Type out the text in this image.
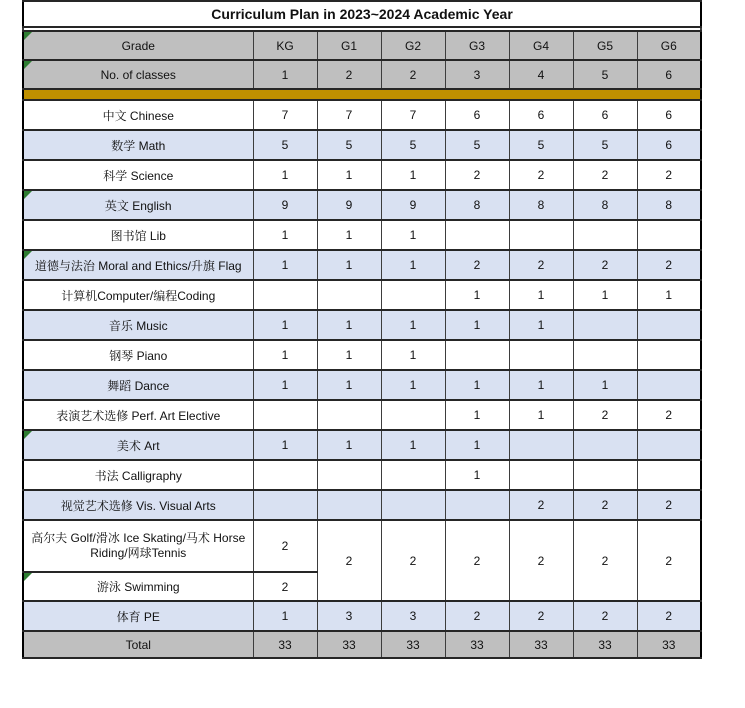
Curriculum Plan in 2023~2024 Academic Year							

Grade	KG	G1	G2	G3	G4	G5	G6

No. of classes	1	2	2	3	4	5	6

中文 Chinese	7	7	7	6	6	6	6
数学 Math	5	5	5	5	5	5	6
科学 Science	1	1	1	2	2	2	2

英文 English	9	9	9	8	8	8	8
图书馆 Lib	1	1	1				

道德与法治 Moral and Ethics/升旗 Flag	1	1	1	2	2	2	2
计算机Computer/编程Coding				1	1	1	1
音乐 Music	1	1	1	1	1		
钢琴 Piano	1	1	1				
舞蹈 Dance	1	1	1	1	1	1	
表演艺术选修 Perf. Art Elective				1	1	2	2

美术 Art	1	1	1	1			
书法 Calligraphy				1			
视觉艺术选修 Vis. Visual Arts					2	2	2
高尔夫 Golf/滑冰 Ice Skating/马术 Horse Riding/网球Tennis	2	2	2	2	2	2	2

游泳 Swimming	2						
体育 PE	1	3	3	2	2	2	2
Total	33	33	33	33	33	33	33
